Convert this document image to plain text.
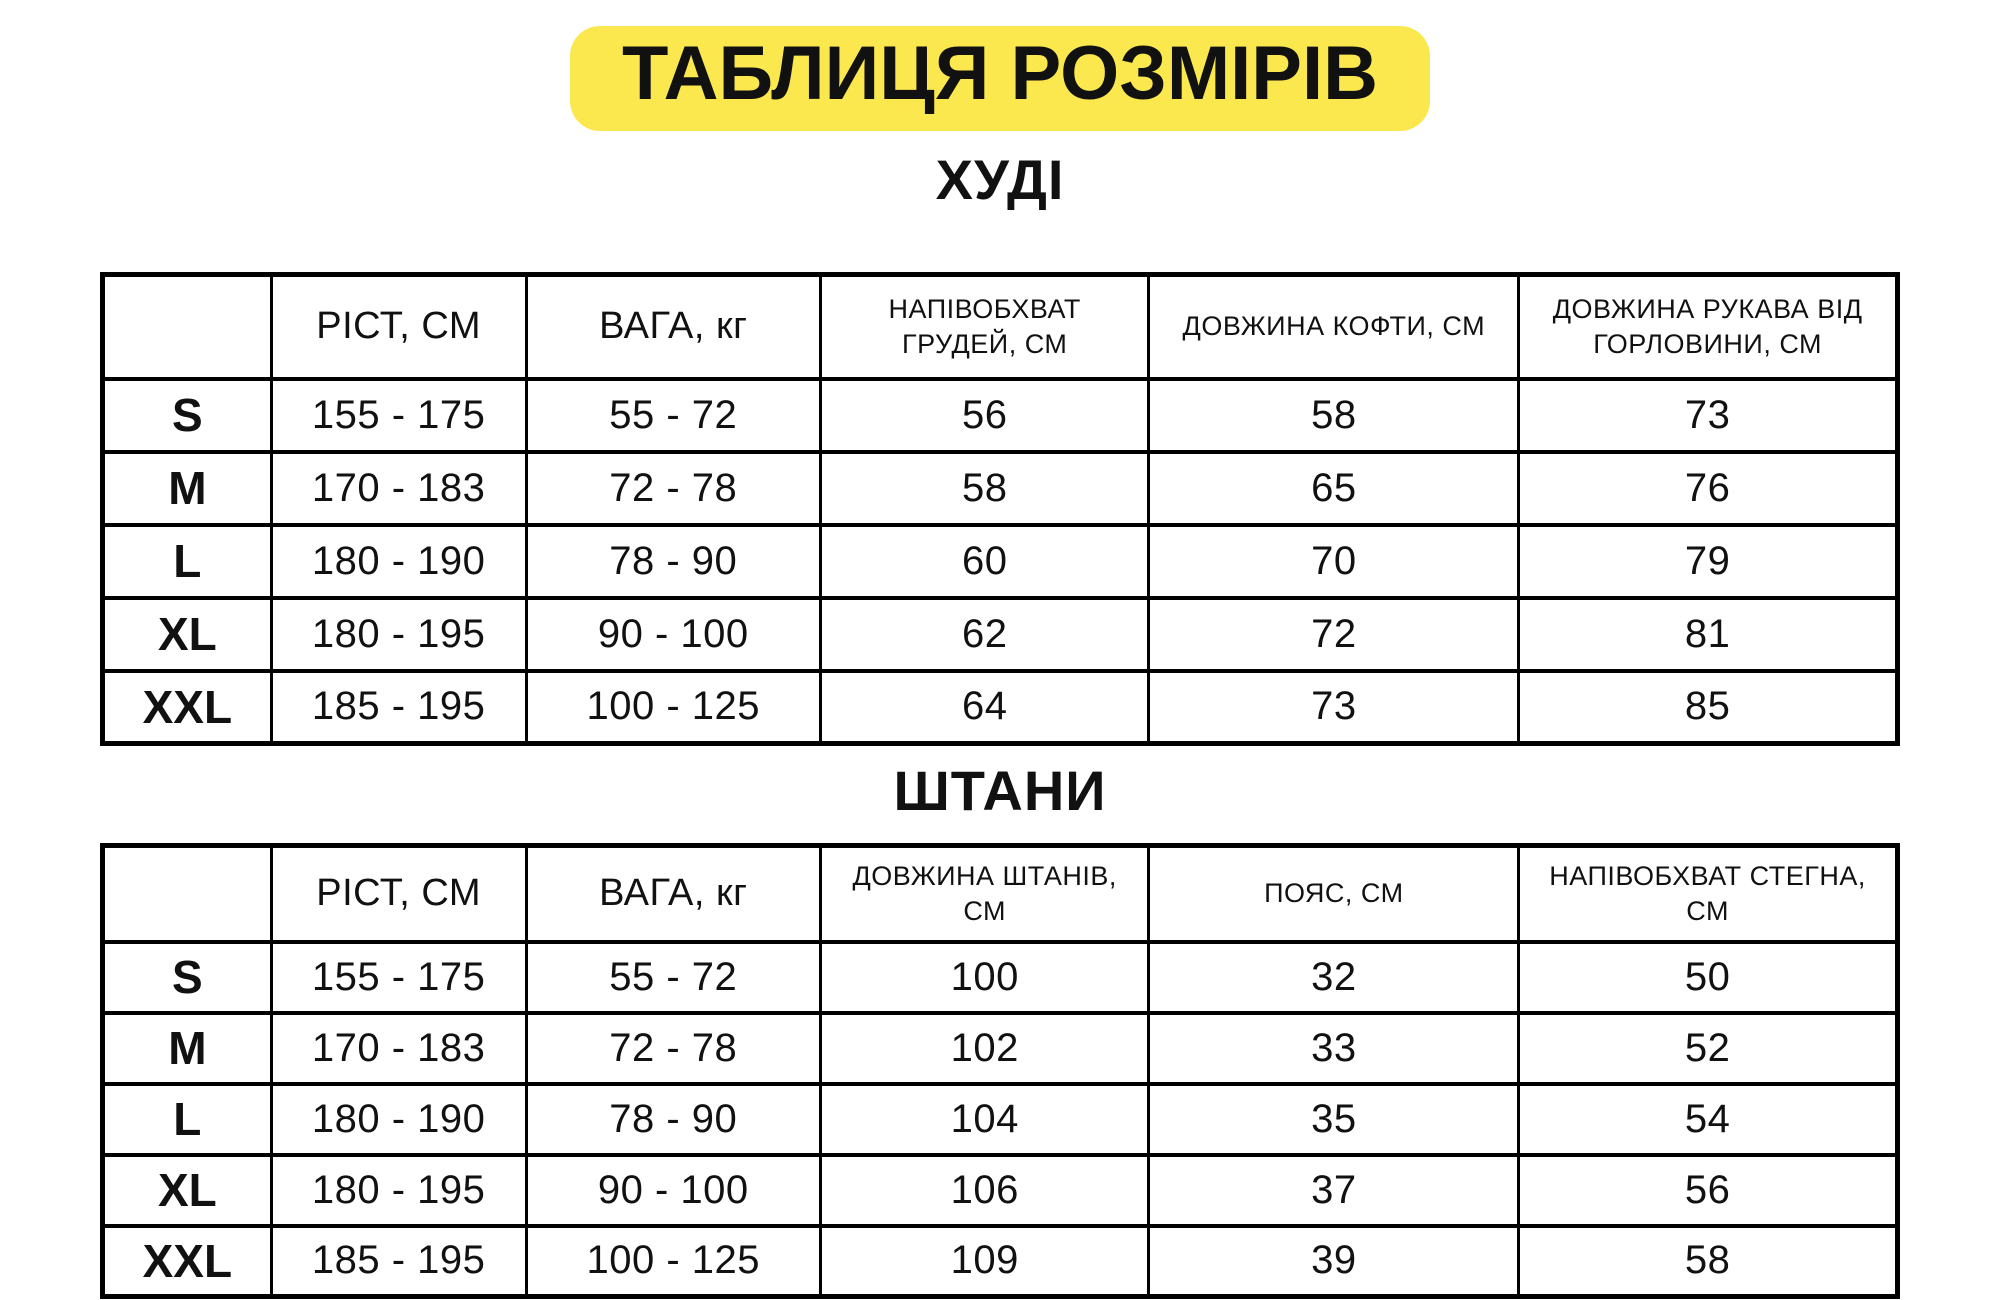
ТАБЛИЦЯ РОЗМІРІВ
ХУДІ
	РІСТ, СМ	ВАГА, кг	НАПІВОБХВАТ ГРУДЕЙ, СМ	ДОВЖИНА КОФТИ, СМ	ДОВЖИНА РУКАВА ВІД ГОРЛОВИНИ, СМ
S	155 - 175	55 - 72	56	58	73
M	170 - 183	72 - 78	58	65	76
L	180 - 190	78 - 90	60	70	79
XL	180 - 195	90 - 100	62	72	81
XXL	185 - 195	100 - 125	64	73	85
ШТАНИ
	РІСТ, СМ	ВАГА, кг	ДОВЖИНА ШТАНІВ, СМ	ПОЯС, СМ	НАПІВОБХВАТ СТЕГНА, СМ
S	155 - 175	55 - 72	100	32	50
M	170 - 183	72 - 78	102	33	52
L	180 - 190	78 - 90	104	35	54
XL	180 - 195	90 - 100	106	37	56
XXL	185 - 195	100 - 125	109	39	58
